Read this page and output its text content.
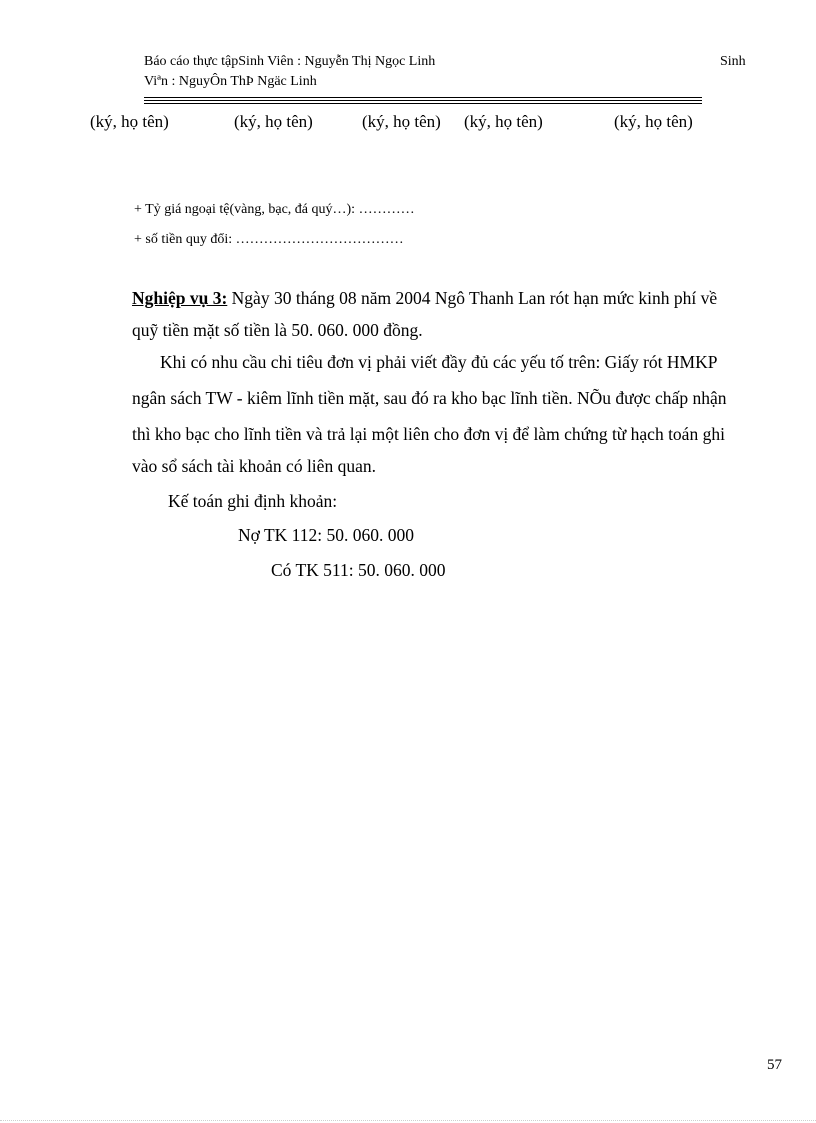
Báo cáo thực tậpSinh Viên : Nguyễn Thị Ngọc Linh	Sinh
Viªn : NguyÔn ThÞ Ngäc Linh
(ký, họ tên)	(ký, họ tên)	(ký, họ tên) (ký, họ tên)	(ký, họ tên)
+ Tỷ giá ngoại tệ(vàng, bạc, đá quý…): …………
+ số tiền quy đổi: ………………………………
Nghiệp vụ 3: Ngày 30 tháng 08 năm 2004 Ngô Thanh Lan rót hạn mức kinh phí về
quỹ tiền mặt số tiền là 50. 060. 000 đồng.
Khi có nhu cầu chi tiêu đơn vị phải viết đầy đủ các yếu tố trên: Giấy rót HMKP
ngân sách TW - kiêm lĩnh tiền mặt, sau đó ra kho bạc lĩnh tiền. NÕu được chấp nhận
thì kho bạc cho lĩnh tiền và trả lại một liên cho đơn vị để làm chứng từ hạch toán ghi
vào sổ sách tài khoản có liên quan.
Kế toán ghi định khoản:
Nợ TK 112: 50. 060. 000
Có TK 511: 50. 060. 000
57
